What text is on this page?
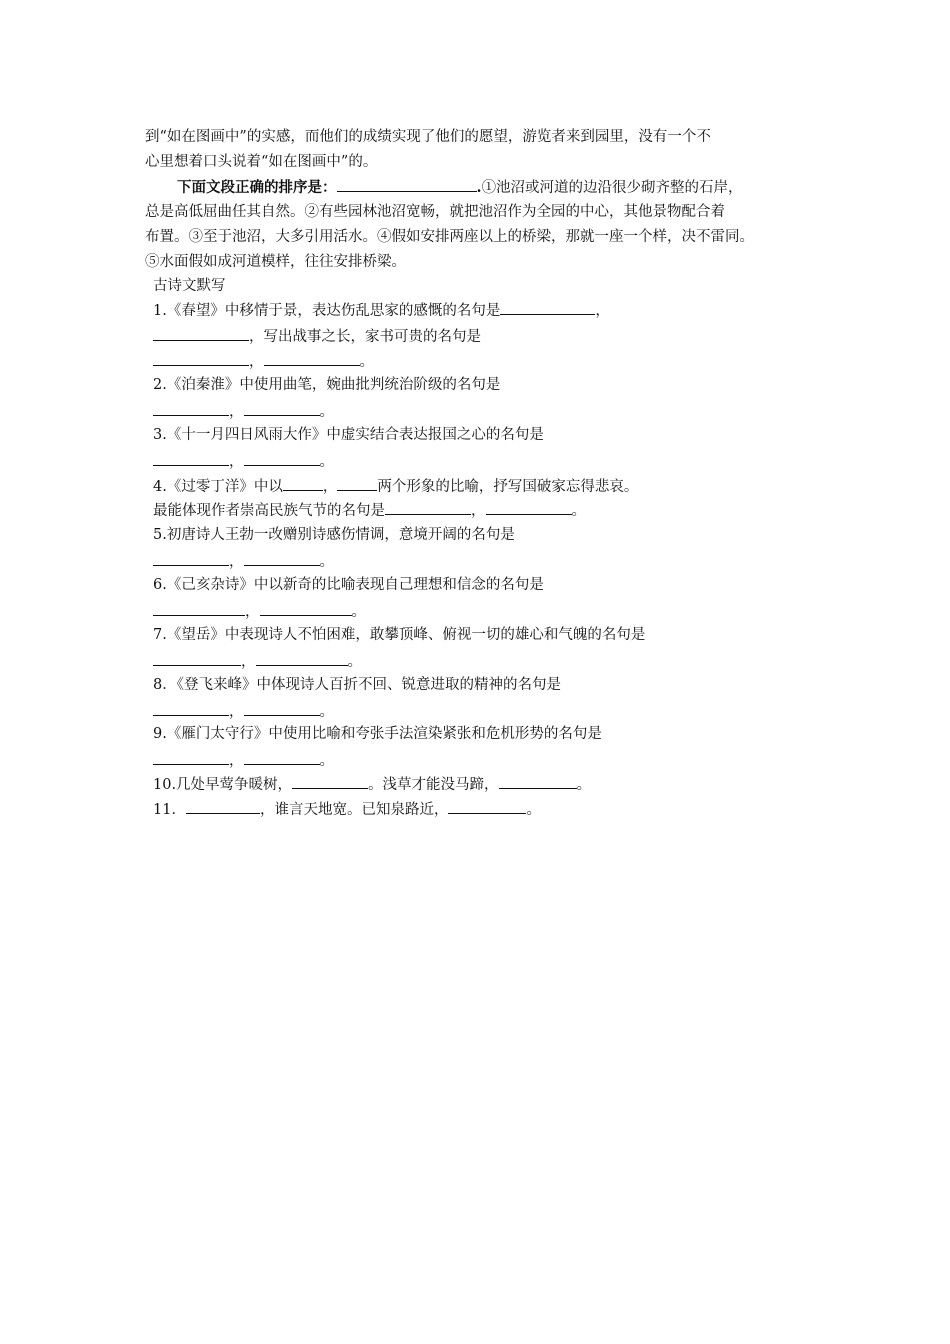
到“如在图画中”的实感，而他们的成绩实现了他们的愿望，游览者来到园里，没有一个不
心里想着口头说着“如在图画中”的。
下面文段正确的排序是：	.①池沼或河道的边沿很少砌齐整的石岸，
总是高低屈曲任其自然。②有些园林池沼宽畅，就把池沼作为全园的中心，其他景物配合着
布置。③至于池沼，大多引用活水。④假如安排两座以上的桥梁，那就一座一个样，决不雷同。
⑤水面假如成河道模样，往往安排桥梁。
古诗文默写
1.《春望》中移情于景，表达伤乱思家的感慨的名句是	，
，写出战事之长，家书可贵的名句是
，	。
2.《泊秦淮》中使用曲笔，婉曲批判统治阶级的名句是
，	。
3.《十一月四日风雨大作》中虚实结合表达报国之心的名句是
，	。
4.《过零丁洋》中以	，	两个形象的比喻，抒写国破家忘得悲哀。
最能体现作者崇高民族气节的名句是	，	。
5.初唐诗人王勃一改赠别诗感伤情调，意境开阔的名句是
，	。
6.《己亥杂诗》中以新奇的比喻表现自己理想和信念的名句是
，	。
7.《望岳》中表现诗人不怕困难，敢攀顶峰、俯视一切的雄心和气魄的名句是
，	。
8．《登飞来峰》中体现诗人百折不回、锐意进取的精神的名句是
，	。
9.《雁门太守行》中使用比喻和夸张手法渲染紧张和危机形势的名句是
，	。
10.几处早莺争暖树，	。浅草才能没马蹄，	。
11．	，谁言天地宽。已知泉路近，	。
